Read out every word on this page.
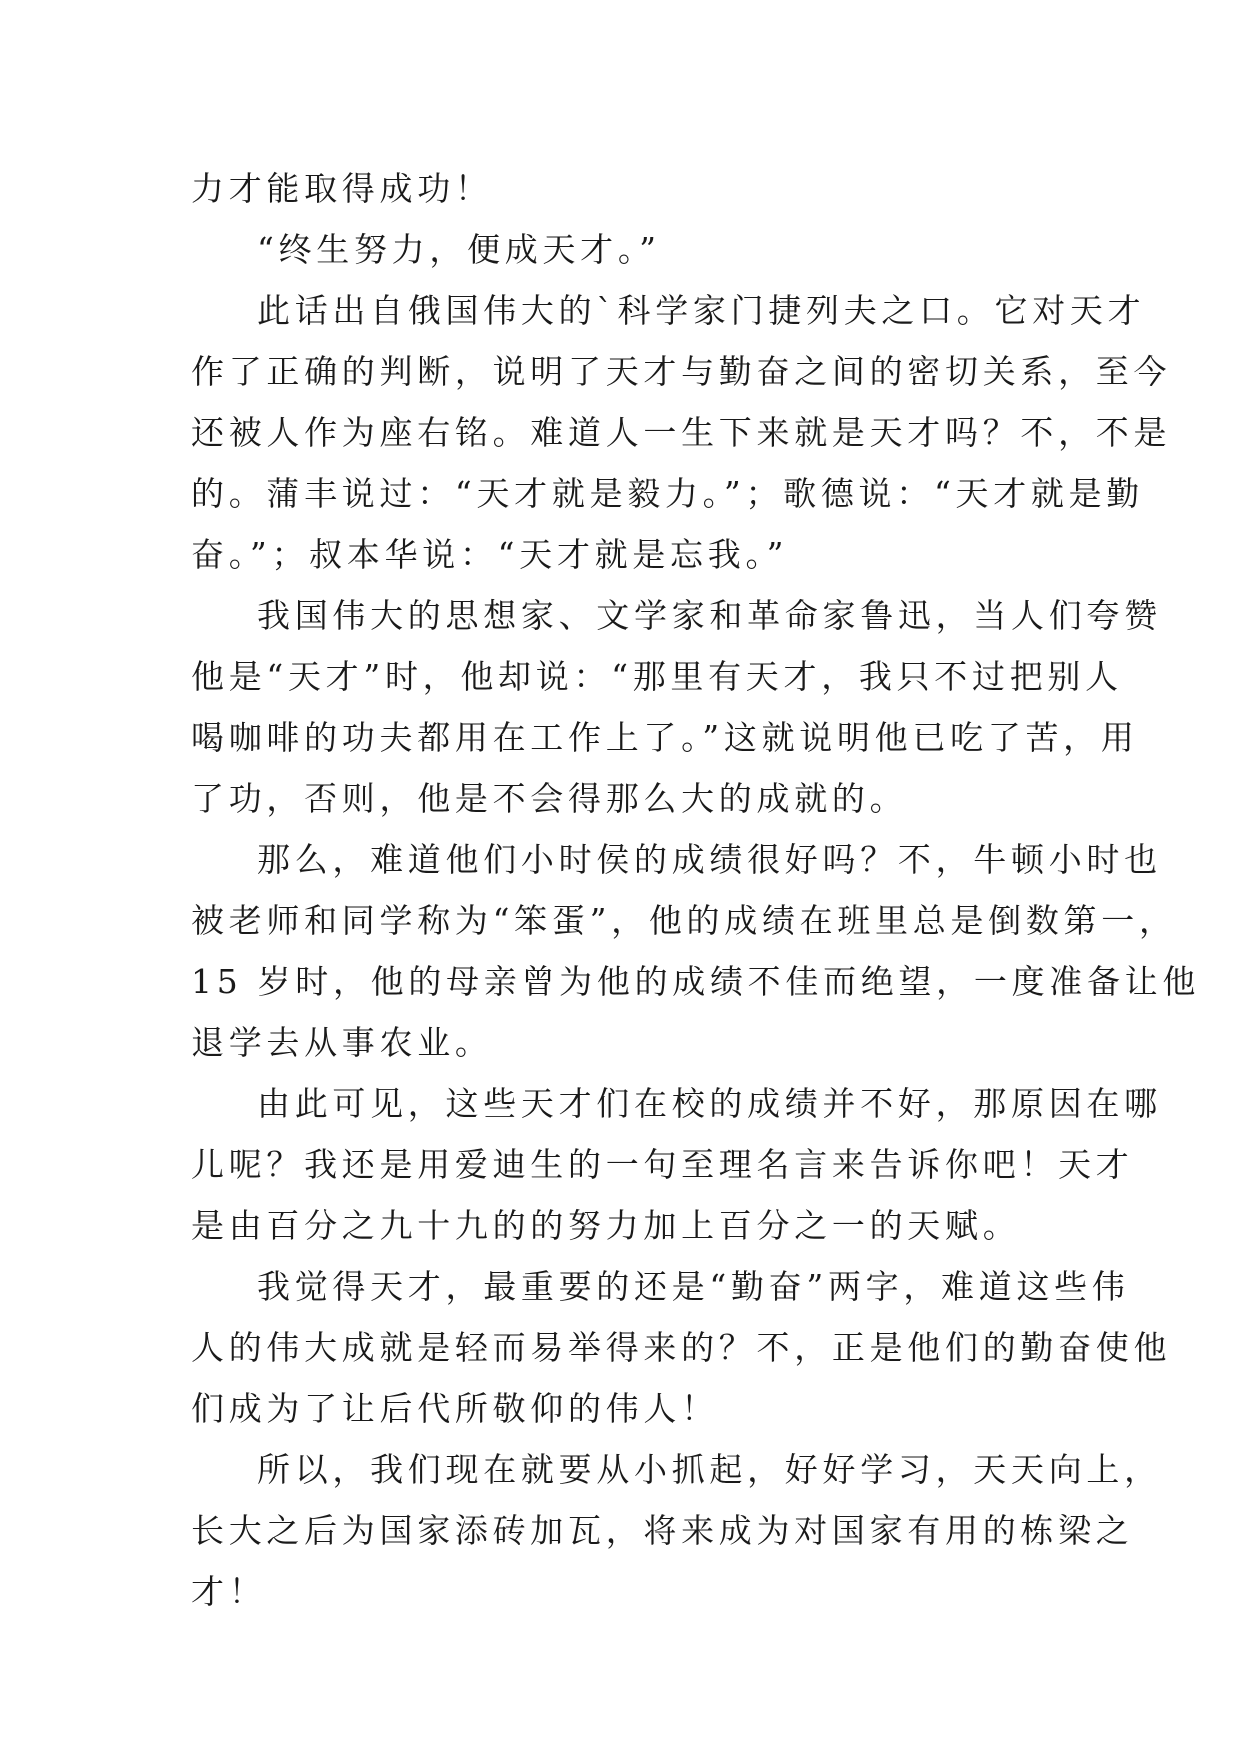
力才能取得成功！
“终生努力，便成天才。”
此话出自俄国伟大的`科学家门捷列夫之口。它对天才
作了正确的判断，说明了天才与勤奋之间的密切关系，至今
还被人作为座右铭。难道人一生下来就是天才吗？不，不是
的。蒲丰说过：“天才就是毅力。”；歌德说：“天才就是勤
奋。”；叔本华说：“天才就是忘我。”
我国伟大的思想家、文学家和革命家鲁迅，当人们夸赞
他是“天才”时，他却说：“那里有天才，我只不过把别人
喝咖啡的功夫都用在工作上了。”这就说明他已吃了苦，用
了功，否则，他是不会得那么大的成就的。
那么，难道他们小时侯的成绩很好吗？不，牛顿小时也
被老师和同学称为“笨蛋”，他的成绩在班里总是倒数第一，
15 岁时，他的母亲曾为他的成绩不佳而绝望，一度准备让他
退学去从事农业。
由此可见，这些天才们在校的成绩并不好，那原因在哪
儿呢？我还是用爱迪生的一句至理名言来告诉你吧！天才
是由百分之九十九的的努力加上百分之一的天赋。
我觉得天才，最重要的还是“勤奋”两字，难道这些伟
人的伟大成就是轻而易举得来的？不，正是他们的勤奋使他
们成为了让后代所敬仰的伟人！
所以，我们现在就要从小抓起，好好学习，天天向上，
长大之后为国家添砖加瓦，将来成为对国家有用的栋梁之
才！
